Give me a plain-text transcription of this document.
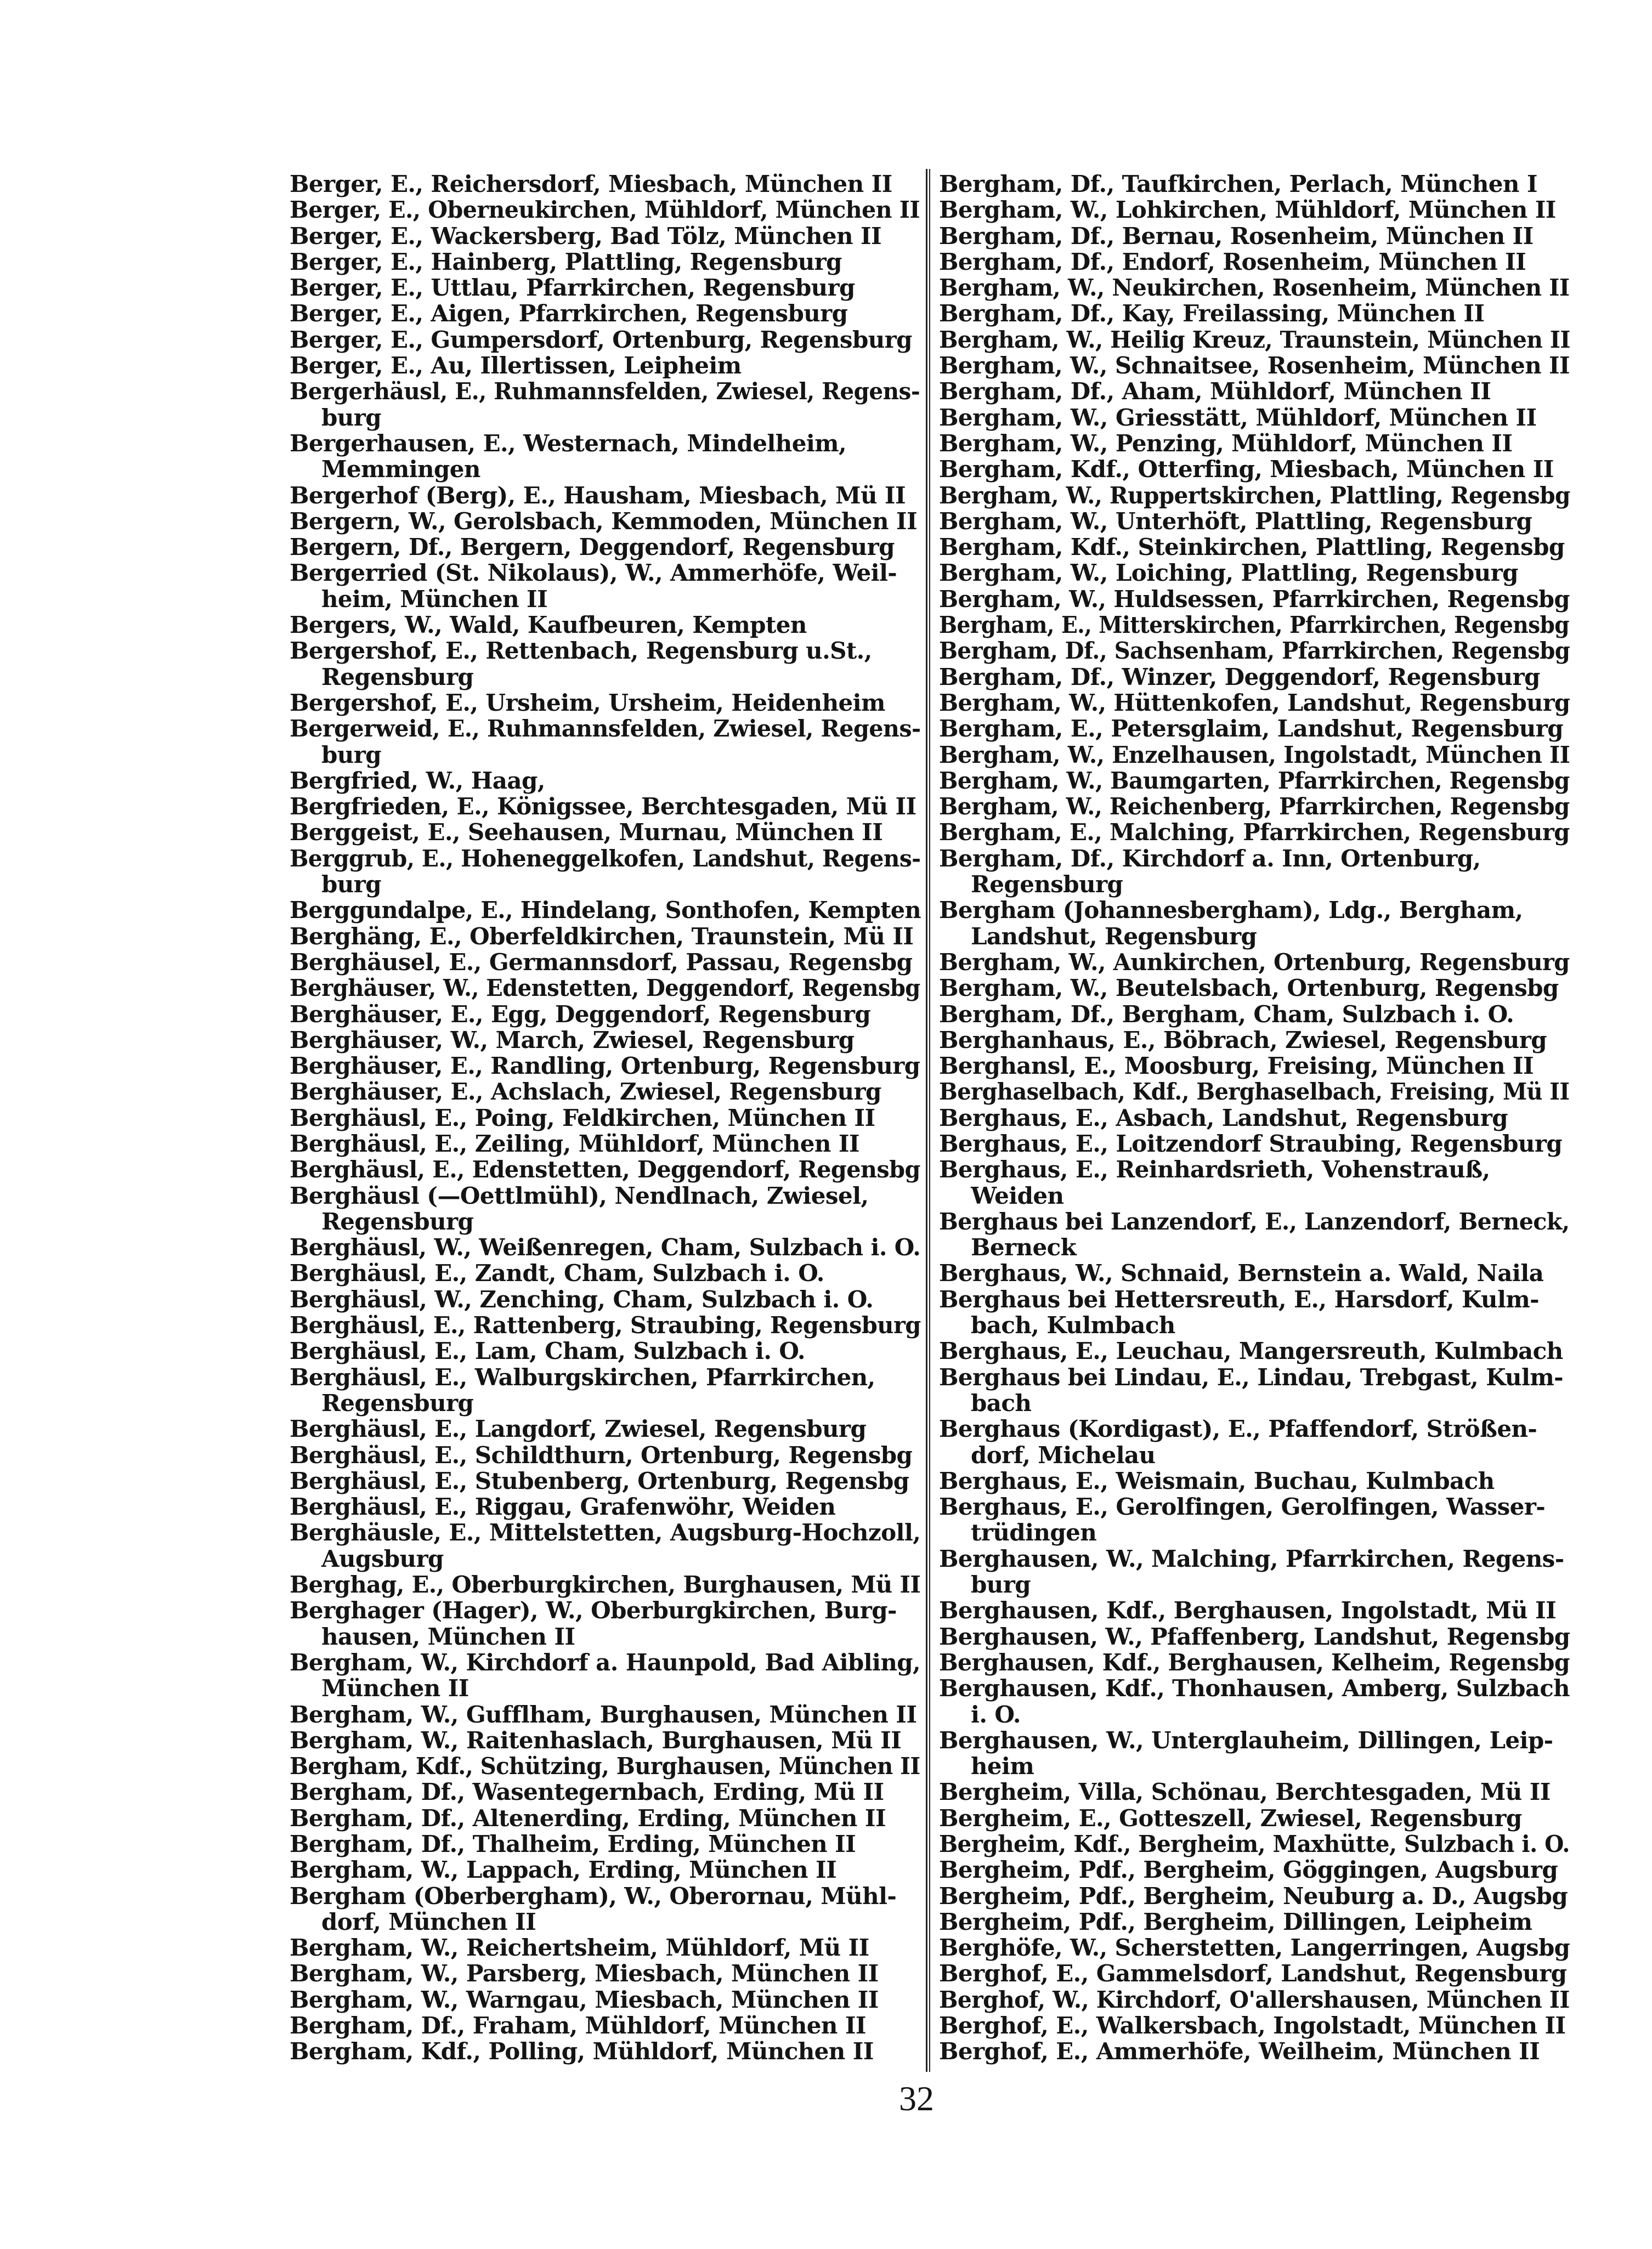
Berger, E., Reichersdorf, Miesbach, München II
Berger, E., Oberneukirchen, Mühldorf, München II
Berger, E., Wackersberg, Bad Tölz, München II
Berger, E., Hainberg, Plattling, Regensburg
Berger, E., Uttlau, Pfarrkirchen, Regensburg
Berger, E., Aigen, Pfarrkirchen, Regensburg
Berger, E., Gumpersdorf, Ortenburg, Regensburg
Berger, E., Au, Illertissen, Leipheim
Bergerhäusl, E., Ruhmannsfelden, Zwiesel, Regens-
burg
Bergerhausen, E., Westernach, Mindelheim,
Memmingen
Bergerhof (Berg), E., Hausham, Miesbach, Mü II
Bergern, W., Gerolsbach, Kemmoden, München II
Bergern, Df., Bergern, Deggendorf, Regensburg
Bergerried (St. Nikolaus), W., Ammerhöfe, Weil-
heim, München II
Bergers, W., Wald, Kaufbeuren, Kempten
Bergershof, E., Rettenbach, Regensburg u.St.,
Regensburg
Bergershof, E., Ursheim, Ursheim, Heidenheim
Bergerweid, E., Ruhmannsfelden, Zwiesel, Regens-
burg
Bergfried, W., Haag,
Bergfrieden, E., Königssee, Berchtesgaden, Mü II
Berggeist, E., Seehausen, Murnau, München II
Berggrub, E., Hoheneggelkofen, Landshut, Regens-
burg
Berggundalpe, E., Hindelang, Sonthofen, Kempten
Berghäng, E., Oberfeldkirchen, Traunstein, Mü II
Berghäusel, E., Germannsdorf, Passau, Regensbg
Berghäuser, W., Edenstetten, Deggendorf, Regensbg
Berghäuser, E., Egg, Deggendorf, Regensburg
Berghäuser, W., March, Zwiesel, Regensburg
Berghäuser, E., Randling, Ortenburg, Regensburg
Berghäuser, E., Achslach, Zwiesel, Regensburg
Berghäusl, E., Poing, Feldkirchen, München II
Berghäusl, E., Zeiling, Mühldorf, München II
Berghäusl, E., Edenstetten, Deggendorf, Regensbg
Berghäusl (—Oettlmühl), Nendlnach, Zwiesel,
Regensburg
Berghäusl, W., Weißenregen, Cham, Sulzbach i. O.
Berghäusl, E., Zandt, Cham, Sulzbach i. O.
Berghäusl, W., Zenching, Cham, Sulzbach i. O.
Berghäusl, E., Rattenberg, Straubing, Regensburg
Berghäusl, E., Lam, Cham, Sulzbach i. O.
Berghäusl, E., Walburgskirchen, Pfarrkirchen,
Regensburg
Berghäusl, E., Langdorf, Zwiesel, Regensburg
Berghäusl, E., Schildthurn, Ortenburg, Regensbg
Berghäusl, E., Stubenberg, Ortenburg, Regensbg
Berghäusl, E., Riggau, Grafenwöhr, Weiden
Berghäusle, E., Mittelstetten, Augsburg-Hochzoll,
Augsburg
Berghag, E., Oberburgkirchen, Burghausen, Mü II
Berghager (Hager), W., Oberburgkirchen, Burg-
hausen, München II
Bergham, W., Kirchdorf a. Haunpold, Bad Aibling,
München II
Bergham, W., Gufflham, Burghausen, München II
Bergham, W., Raitenhaslach, Burghausen, Mü II
Bergham, Kdf., Schützing, Burghausen, München II
Bergham, Df., Wasentegernbach, Erding, Mü II
Bergham, Df., Altenerding, Erding, München II
Bergham, Df., Thalheim, Erding, München II
Bergham, W., Lappach, Erding, München II
Bergham (Oberbergham), W., Oberornau, Mühl-
dorf, München II
Bergham, W., Reichertsheim, Mühldorf, Mü II
Bergham, W., Parsberg, Miesbach, München II
Bergham, W., Warngau, Miesbach, München II
Bergham, Df., Fraham, Mühldorf, München II
Bergham, Kdf., Polling, Mühldorf, München II
Bergham, Df., Taufkirchen, Perlach, München I
Bergham, W., Lohkirchen, Mühldorf, München II
Bergham, Df., Bernau, Rosenheim, München II
Bergham, Df., Endorf, Rosenheim, München II
Bergham, W., Neukirchen, Rosenheim, München II
Bergham, Df., Kay, Freilassing, München II
Bergham, W., Heilig Kreuz, Traunstein, München II
Bergham, W., Schnaitsee, Rosenheim, München II
Bergham, Df., Aham, Mühldorf, München II
Bergham, W., Griesstätt, Mühldorf, München II
Bergham, W., Penzing, Mühldorf, München II
Bergham, Kdf., Otterfing, Miesbach, München II
Bergham, W., Ruppertskirchen, Plattling, Regensbg
Bergham, W., Unterhöft, Plattling, Regensburg
Bergham, Kdf., Steinkirchen, Plattling, Regensbg
Bergham, W., Loiching, Plattling, Regensburg
Bergham, W., Huldsessen, Pfarrkirchen, Regensbg
Bergham, E., Mitterskirchen, Pfarrkirchen, Regensbg
Bergham, Df., Sachsenham, Pfarrkirchen, Regensbg
Bergham, Df., Winzer, Deggendorf, Regensburg
Bergham, W., Hüttenkofen, Landshut, Regensburg
Bergham, E., Petersglaim, Landshut, Regensburg
Bergham, W., Enzelhausen, Ingolstadt, München II
Bergham, W., Baumgarten, Pfarrkirchen, Regensbg
Bergham, W., Reichenberg, Pfarrkirchen, Regensbg
Bergham, E., Malching, Pfarrkirchen, Regensburg
Bergham, Df., Kirchdorf a. Inn, Ortenburg,
Regensburg
Bergham (Johannesbergham), Ldg., Bergham,
Landshut, Regensburg
Bergham, W., Aunkirchen, Ortenburg, Regensburg
Bergham, W., Beutelsbach, Ortenburg, Regensbg
Bergham, Df., Bergham, Cham, Sulzbach i. O.
Berghanhaus, E., Böbrach, Zwiesel, Regensburg
Berghansl, E., Moosburg, Freising, München II
Berghaselbach, Kdf., Berghaselbach, Freising, Mü II
Berghaus, E., Asbach, Landshut, Regensburg
Berghaus, E., Loitzendorf Straubing, Regensburg
Berghaus, E., Reinhardsrieth, Vohenstrauß,
Weiden
Berghaus bei Lanzendorf, E., Lanzendorf, Berneck,
Berneck
Berghaus, W., Schnaid, Bernstein a. Wald, Naila
Berghaus bei Hettersreuth, E., Harsdorf, Kulm-
bach, Kulmbach
Berghaus, E., Leuchau, Mangersreuth, Kulmbach
Berghaus bei Lindau, E., Lindau, Trebgast, Kulm-
bach
Berghaus (Kordigast), E., Pfaffendorf, Strößen-
dorf, Michelau
Berghaus, E., Weismain, Buchau, Kulmbach
Berghaus, E., Gerolfingen, Gerolfingen, Wasser-
trüdingen
Berghausen, W., Malching, Pfarrkirchen, Regens-
burg
Berghausen, Kdf., Berghausen, Ingolstadt, Mü II
Berghausen, W., Pfaffenberg, Landshut, Regensbg
Berghausen, Kdf., Berghausen, Kelheim, Regensbg
Berghausen, Kdf., Thonhausen, Amberg, Sulzbach
i. O.
Berghausen, W., Unterglauheim, Dillingen, Leip-
heim
Bergheim, Villa, Schönau, Berchtesgaden, Mü II
Bergheim, E., Gotteszell, Zwiesel, Regensburg
Bergheim, Kdf., Bergheim, Maxhütte, Sulzbach i. O.
Bergheim, Pdf., Bergheim, Göggingen, Augsburg
Bergheim, Pdf., Bergheim, Neuburg a. D., Augsbg
Bergheim, Pdf., Bergheim, Dillingen, Leipheim
Berghöfe, W., Scherstetten, Langerringen, Augsbg
Berghof, E., Gammelsdorf, Landshut, Regensburg
Berghof, W., Kirchdorf, O'allershausen, München II
Berghof, E., Walkersbach, Ingolstadt, München II
Berghof, E., Ammerhöfe, Weilheim, München II
32
